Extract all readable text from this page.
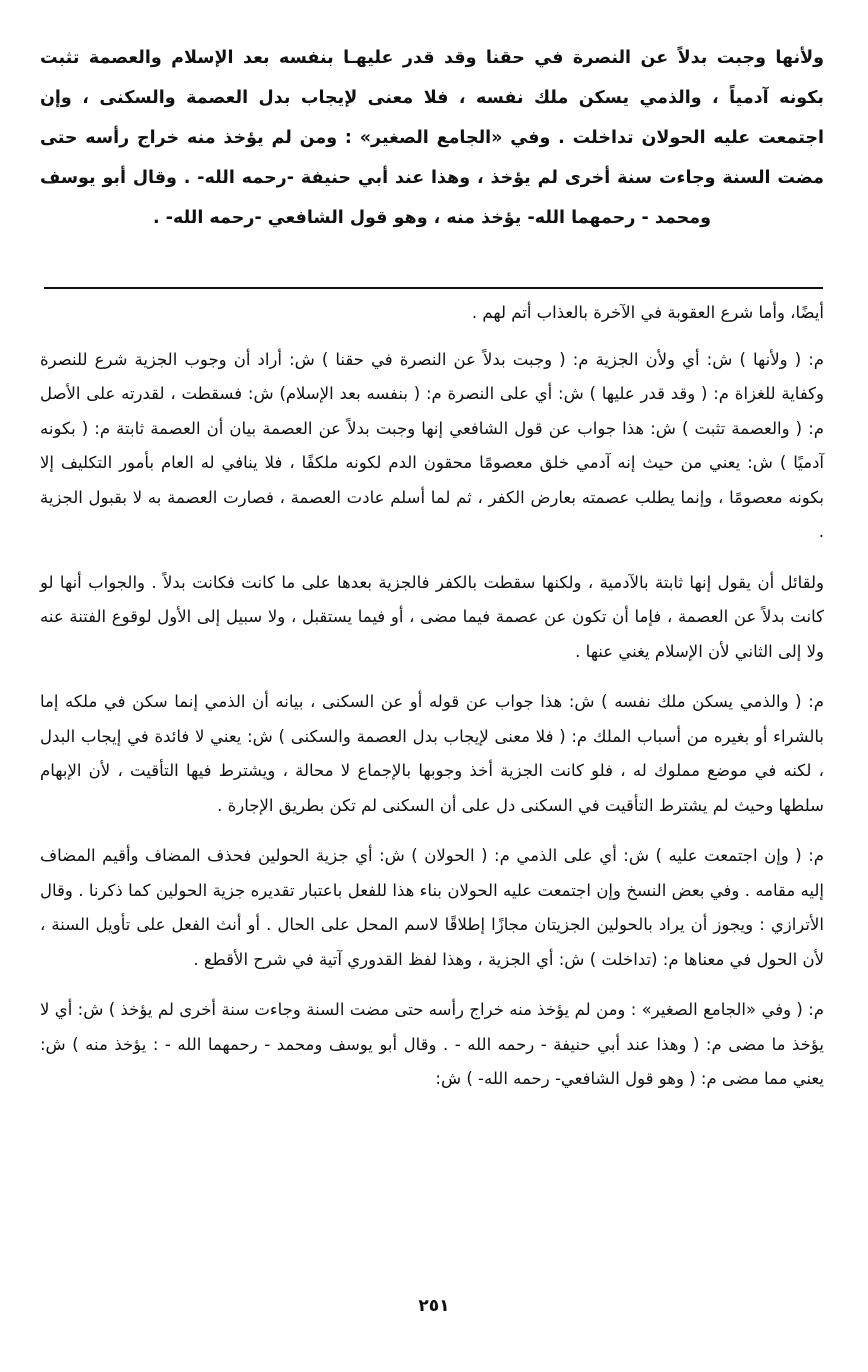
ولأنها وجبت بدلاً عن النصرة في حقنا وقد قدر عليهـا بنفسه بعد الإسلام والعصمة تثبت بكونه آدمياً ، والذمي يسكن ملك نفسه ، فلا معنى لإيجاب بدل العصمة والسكنى ، وإن اجتمعت عليه الحولان تداخلت . وفي «الجامع الصغير» : ومن لم يؤخذ منه خراج رأسه حتى مضت السنة وجاءت سنة أخرى لم يؤخذ ، وهذا عند أبي حنيفة -رحمه الله- . وقال أبو يوسف ومحمد - رحمهما الله- يؤخذ منه ، وهو قول الشافعي -رحمه الله- .

أيضًا، وأما شرع العقوبة في الآخرة بالعذاب أتم لهم .

م: ( ولأنها ) ش: أي ولأن الجزية م: ( وجبت بدلاً عن النصرة في حقنا ) ش: أراد أن وجوب الجزية شرع للنصرة وكفاية للغزاة م: ( وقد قدر عليها ) ش: أي على النصرة م: ( بنفسه بعد الإسلام) ش: فسقطت ، لقدرته على الأصل م: ( والعصمة تثبت ) ش: هذا جواب عن قول الشافعي إنها وجبت بدلاً عن العصمة بيان أن العصمة ثابتة م: ( بكونه آدميًا ) ش: يعني من حيث إنه آدمي خلق معصومًا محقون الدم لكونه ملكفًا ، فلا ينافي له العام بأمور التكليف إلا بكونه معصومًا ، وإنما يطلب عصمته بعارض الكفر ، ثم لما أسلم عادت العصمة ، فصارت العصمة به لا بقبول الجزية .

ولقائل أن يقول إنها ثابتة بالآدمية ، ولكنها سقطت بالكفر فالجزية بعدها على ما كانت فكانت بدلاً . والجواب أنها لو كانت بدلاً عن العصمة ، فإما أن تكون عن عصمة فيما مضى ، أو فيما يستقبل ، ولا سبيل إلى الأول لوقوع الفتنة عنه ولا إلى الثاني لأن الإسلام يغني عنها .

م: ( والذمي يسكن ملك نفسه ) ش: هذا جواب عن قوله أو عن السكنى ، بيانه أن الذمي إنما سكن في ملكه إما بالشراء أو بغيره من أسباب الملك م: ( فلا معنى لإيجاب بدل العصمة والسكنى ) ش: يعني لا فائدة في إيجاب البدل ، لكنه في موضع مملوك له ، فلو كانت الجزية أخذ وجوبها بالإجماع لا محالة ، ويشترط فيها التأقيت ، لأن الإبهام سلطها وحيث لم يشترط التأقيت في السكنى دل على أن السكنى لم تكن بطريق الإجارة .

م: ( وإن اجتمعت عليه ) ش: أي على الذمي م: ( الحولان ) ش: أي جزية الحولين فحذف المضاف وأقيم المضاف إليه مقامه . وفي بعض النسخ وإن اجتمعت عليه الحولان بناء هذا للفعل باعتبار تقديره جزية الحولين كما ذكرنا . وقال الأترازي : ويجوز أن يراد بالحولين الجزيتان مجازًا إطلاقًا لاسم المحل على الحال . أو أنث الفعل على تأويل السنة ، لأن الحول في معناها م: (تداخلت ) ش: أي الجزية ، وهذا لفظ القدوري آتية في شرح الأقطع .

م: ( وفي «الجامع الصغير» : ومن لم يؤخذ منه خراج رأسه حتى مضت السنة وجاءت سنة أخرى لم يؤخذ ) ش: أي لا يؤخذ ما مضى م: ( وهذا عند أبي حنيفة - رحمه الله - . وقال أبو يوسف ومحمد - رحمهما الله - : يؤخذ منه ) ش: يعني مما مضى م: ( وهو قول الشافعي- رحمه الله- ) ش:

٢٥١
